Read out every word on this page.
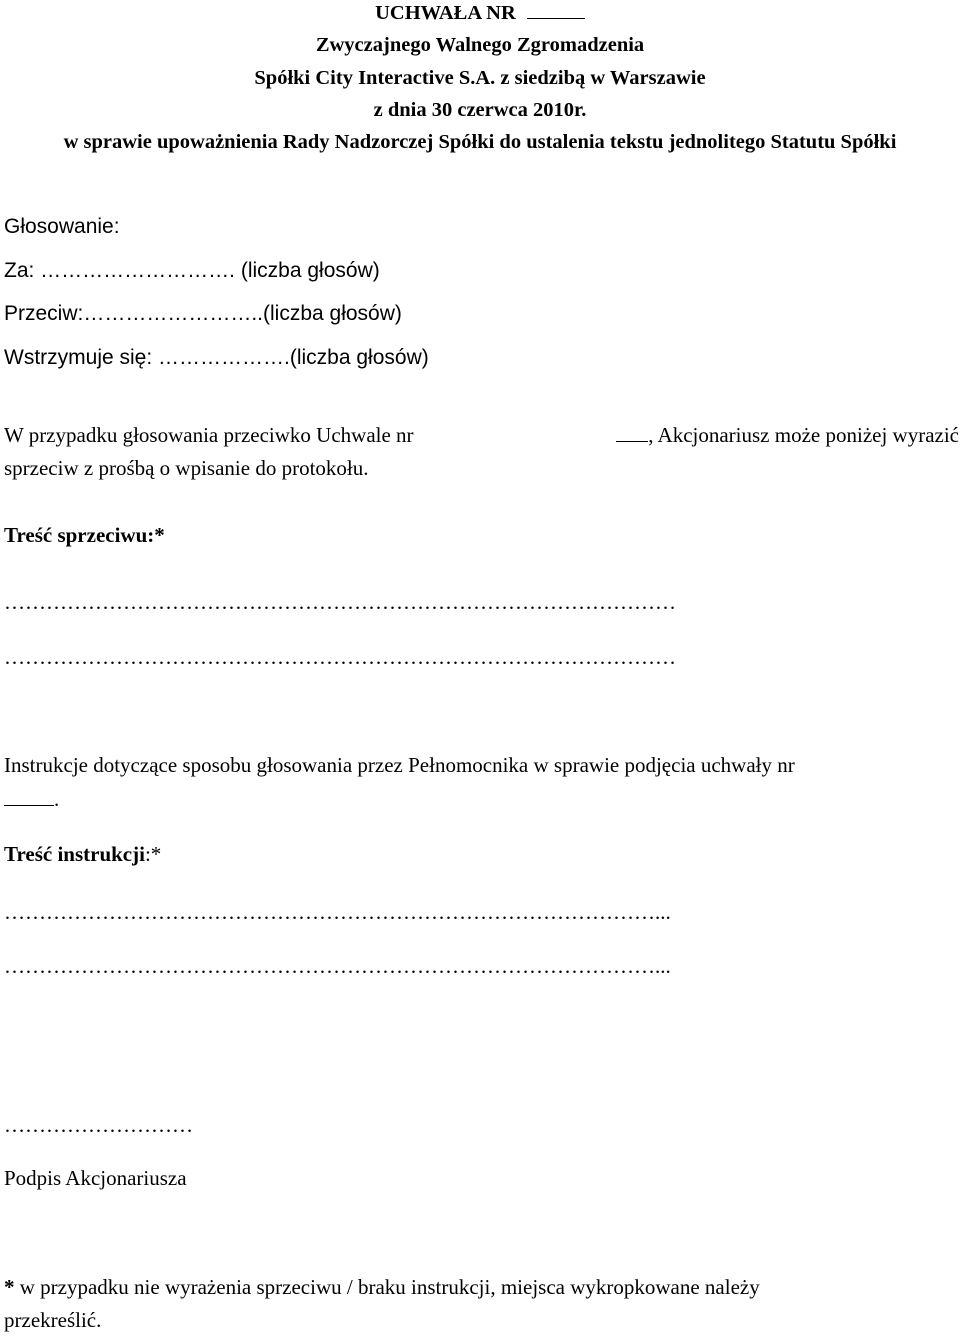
UCHWAŁA NR
Zwyczajnego Walnego Zgromadzenia
Spółki City Interactive S.A. z siedzibą w Warszawie
z dnia 30 czerwca 2010r.
w sprawie upoważnienia Rady Nadzorczej Spółki do ustalenia tekstu jednolitego Statutu Spółki
Głosowanie:
Za: ………………………. (liczba głosów)
Przeciw:……………………..(liczba głosów)
Wstrzymuje się: ……………….(liczba głosów)
W przypadku głosowania przeciwko Uchwale nr	, Akcjonariusz może poniżej wyrazić
sprzeciw z prośbą o wpisanie do protokołu.
Treść sprzeciwu:*
……………………………………………………………………………………
……………………………………………………………………………………
Instrukcje dotyczące sposobu głosowania przez Pełnomocnika w sprawie podjęcia uchwały nr
.
Treść instrukcji:*
…………………………………………………………………………………...
…………………………………………………………………………………...
………………………
Podpis Akcjonariusza
* w przypadku nie wyrażenia sprzeciwu / braku instrukcji, miejsca wykropkowane należy
przekreślić.
